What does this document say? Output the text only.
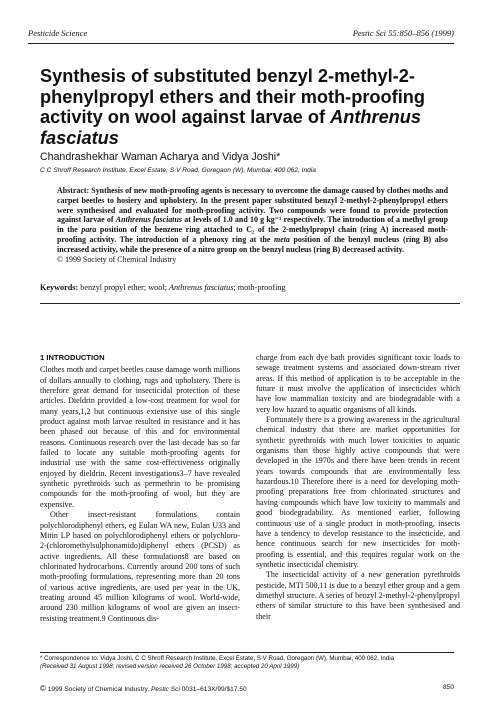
Pesticide Science	Pestic Sci 55:850–856 (1999)
Synthesis of substituted benzyl 2-methyl-2-phenylpropyl ethers and their moth-proofing activity on wool against larvae of Anthrenus fasciatus
Chandrashekhar Waman Acharya and Vidya Joshi*
C C Shroff Research Institute, Excel Estate, S V Road, Goregaon (W), Mumbai, 400 062, India

Abstract: Synthesis of new moth-proofing agents is necessary to overcome the damage caused by clothes moths and carpet beetles to hosiery and upholstery. In the present paper substituted benzyl 2-methyl-2-phenylpropyl ethers were synthesised and evaluated for moth-proofing activity. Two compounds were found to provide protection against larvae of Anthrenus fasciatus at levels of 1.0 and 10 g kg⁻¹ respectively. The introduction of a methyl group in the para position of the benzene ring attached to C₂ of the 2-methylpropyl chain (ring A) increased moth-proofing activity. The introduction of a phenoxy ring at the meta position of the benzyl nucleus (ring B) also increased activity, while the presence of a nitro group on the benzyl nucleus (ring B) decreased activity.

© 1999 Society of Chemical Industry

Keywords: benzyl propyl ether; wool; Anthrenus fasciatus; moth-proofing

1 INTRODUCTION

Clothes moth and carpet beetles cause damage worth millions of dollars annually to clothing, rugs and upholstery. There is therefore great demand for insecticidal protection of these articles. Dieldrin provided a low-cost treatment for wool for many years,1,2 but continuous extensive use of this single product against moth larvae resulted in resistance and it has been phased out because of this and for environmental reasons. Continuous research over the last decade has so far failed to locate any suitable moth-proofing agents for industrial use with the same cost-effectiveness originally enjoyed by dieldrin. Recent investigations3–7 have revealed synthetic pyrethroids such as permethrin to be promising compounds for the moth-proofing of wool, but they are expensive.

Other insect-resistant formulations contain polychlorodiphenyl ethers, eg Eulan WA new, Eulan U33 and Mitin LP based on polychlorodiphenyl ethers or polychloro-2-(chloromethylsulphonamido)diphenyl ethers (PCSD) as active ingredients. All these formulations8 are based on chlorinated hydrocarbons. Currently around 200 tons of such moth-proofing formulations, representing more than 20 tons of various active ingredients, are used per year in the UK, treating around 45 million kilograms of wool. World-wide, around 230 million kilograms of wool are given an insect-resisting treatment.9 Continuous dis-

charge from each dye bath provides significant toxic loads to sewage treatment systems and associated down-stream river areas. If this method of application is to be acceptable in the future it must involve the application of insecticides which have low mammalian toxicity and are biodegradable with a very low hazard to aquatic organisms of all kinds.

Fortunately there is a growing awareness in the agricultural chemical industry that there are market opportunities for synthetic pyrethroids with much lower toxicities to aquatic organisms than those highly active compounds that were developed in the 1970s and there have been trends in recent years towards compounds that are environmentally less hazardous.10 Therefore there is a need for developing moth-proofing preparations free from chlorinated structures and having compounds which have low toxicity to mammals and good biodegradability. As mentioned earlier, following continuous use of a single product in moth-proofing, insects have a tendency to develop resistance to the insecticide, and hence continuous search for new insecticides for moth-proofing is essential, and this requires regular work on the synthetic insecticidal chemistry.

The insecticidal activity of a new generation pyrethroids pesticide, MTI 500,11 is due to a benzyl ether group and a gem dimethyl structure. A series of benzyl 2-methyl-2-phenylpropyl ethers of similar structure to this have been synthesised and their

* Correspondence to: Vidya Joshi, C C Shroff Research Institute, Excel Estate, S V Road, Goregaon (W), Mumbai, 400 062, India
(Received 31 August 1998; revised version received 26 October 1998; accepted 20 April 1999)
© 1999 Society of Chemical Industry. Pestic Sci 0031–613X/99/$17.50	850
